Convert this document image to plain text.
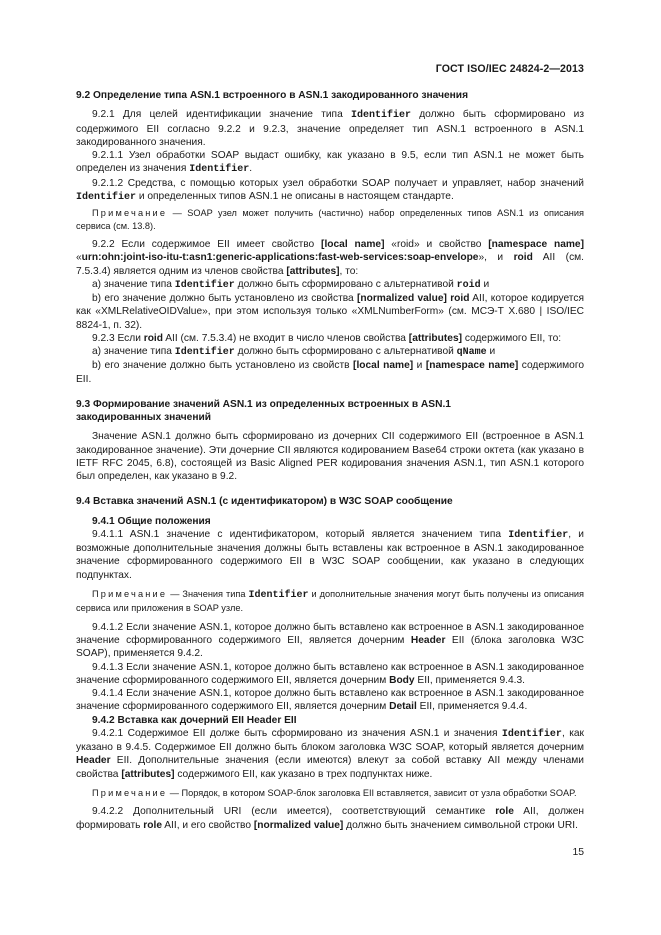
ГОСТ ISO/IEC 24824-2—2013

9.2 Определение типа ASN.1 встроенного в ASN.1 закодированного значения

9.2.1 Для целей идентификации значение типа Identifier должно быть сформировано из содержимого EII согласно 9.2.2 и 9.2.3, значение определяет тип ASN.1 встроенного в ASN.1 закодированного значения.

9.2.1.1 Узел обработки SOAP выдаст ошибку, как указано в 9.5, если тип ASN.1 не может быть определен из значения Identifier.

9.2.1.2 Средства, с помощью которых узел обработки SOAP получает и управляет, набор значений Identifier и определенных типов ASN.1 не описаны в настоящем стандарте.

Примечание — SOAP узел может получить (частично) набор определенных типов ASN.1 из описания сервиса (см. 13.8).

9.2.2 Если содержимое EII имеет свойство [local name] «roid» и свойство [namespace name] «urn:ohn:joint-iso-itu-t:asn1:generic-applications:fast-web-services:soap-envelope», и roid AII (см. 7.5.3.4) является одним из членов свойства [attributes], то:

a) значение типа Identifier должно быть сформировано с альтернативой roid и

b) его значение должно быть установлено из свойства [normalized value] roid AII, которое кодируется как «XMLRelativeOIDValue», при этом используя только «XMLNumberForm» (см. МСЭ-Т Х.680 | ISO/IEC 8824-1, п. 32).

9.2.3 Если roid AII (см. 7.5.3.4) не входит в число членов свойства [attributes] содержимого EII, то:

a) значение типа Identifier должно быть сформировано с альтернативой qName и

b) его значение должно быть установлено из свойств [local name] и [namespace name] содержимого EII.

9.3 Формирование значений ASN.1 из определенных встроенных в ASN.1
закодированных значений

Значение ASN.1 должно быть сформировано из дочерних CII содержимого EII (встроенное в ASN.1 закодированное значение). Эти дочерние CII являются кодированием Base64 строки октета (как указано в IETF RFC 2045, 6.8), состоящей из Basic Aligned PER кодирования значения ASN.1, тип ASN.1 которого был определен, как указано в 9.2.

9.4 Вставка значений ASN.1 (с идентификатором) в W3C SOAP сообщение

9.4.1 Общие положения

9.4.1.1 ASN.1 значение с идентификатором, который является значением типа Identifier, и возможные дополнительные значения должны быть вставлены как встроенное в ASN.1 закодированное значение сформированного содержимого EII в W3C SOAP сообщении, как указано в следующих подпунктах.

Примечание — Значения типа Identifier и дополнительные значения могут быть получены из описания сервиса или приложения в SOAP узле.

9.4.1.2 Если значение ASN.1, которое должно быть вставлено как встроенное в ASN.1 закодированное значение сформированного содержимого EII, является дочерним Header EII (блока заголовка W3C SOAP), применяется 9.4.2.

9.4.1.3 Если значение ASN.1, которое должно быть вставлено как встроенное в ASN.1 закодированное значение сформированного содержимого EII, является дочерним Body EII, применяется 9.4.3.

9.4.1.4 Если значение ASN.1, которое должно быть вставлено как встроенное в ASN.1 закодированное значение сформированного содержимого EII, является дочерним Detail EII, применяется 9.4.4.

9.4.2 Вставка как дочерний EII Header EII

9.4.2.1 Содержимое EII долже быть сформировано из значения ASN.1 и значения Identifier, как указано в 9.4.5. Содержимое EII должно быть блоком заголовка W3C SOAP, который является дочерним Header EII. Дополнительные значения (если имеются) влекут за собой вставку AII между членами свойства [attributes] содержимого EII, как указано в трех подпунктах ниже.

Примечание — Порядок, в котором SOAP-блок заголовка EII вставляется, зависит от узла обработки SOAP.

9.4.2.2 Дополнительный URI (если имеется), соответствующий семантике role AII, должен формировать role AII, и его свойство [normalized value] должно быть значением символьной строки URI.

15
